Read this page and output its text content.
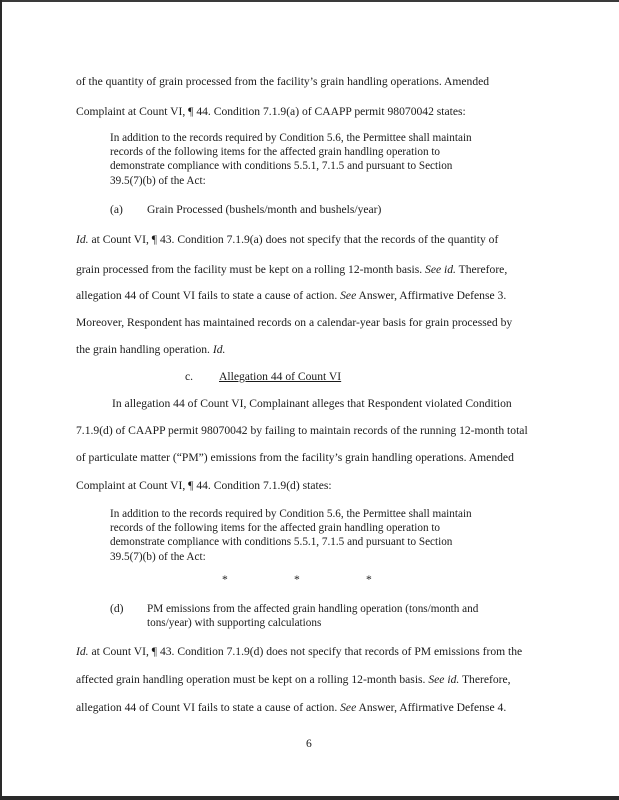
of the quantity of grain processed from the facility’s grain handling operations. Amended
Complaint at Count VI, ¶ 44. Condition 7.1.9(a) of CAAPP permit 98070042 states:
In addition to the records required by Condition 5.6, the Permittee shall maintain
records of the following items for the affected grain handling operation to
demonstrate compliance with conditions 5.5.1, 7.1.5 and pursuant to Section
39.5(7)(b) of the Act:
(a) Grain Processed (bushels/month and bushels/year)
Id. at Count VI, ¶ 43. Condition 7.1.9(a) does not specify that the records of the quantity of
grain processed from the facility must be kept on a rolling 12-month basis. See id. Therefore,
allegation 44 of Count VI fails to state a cause of action. See Answer, Affirmative Defense 3.
Moreover, Respondent has maintained records on a calendar-year basis for grain processed by
the grain handling operation. Id.
c. Allegation 44 of Count VI
In allegation 44 of Count VI, Complainant alleges that Respondent violated Condition
7.1.9(d) of CAAPP permit 98070042 by failing to maintain records of the running 12-month total
of particulate matter (“PM”) emissions from the facility’s grain handling operations. Amended
Complaint at Count VI, ¶ 44. Condition 7.1.9(d) states:
In addition to the records required by Condition 5.6, the Permittee shall maintain
records of the following items for the affected grain handling operation to
demonstrate compliance with conditions 5.5.1, 7.1.5 and pursuant to Section
39.5(7)(b) of the Act:
*	*	*
(d) PM emissions from the affected grain handling operation (tons/month and
tons/year) with supporting calculations
Id. at Count VI, ¶ 43. Condition 7.1.9(d) does not specify that records of PM emissions from the
affected grain handling operation must be kept on a rolling 12-month basis. See id. Therefore,
allegation 44 of Count VI fails to state a cause of action. See Answer, Affirmative Defense 4.
6
